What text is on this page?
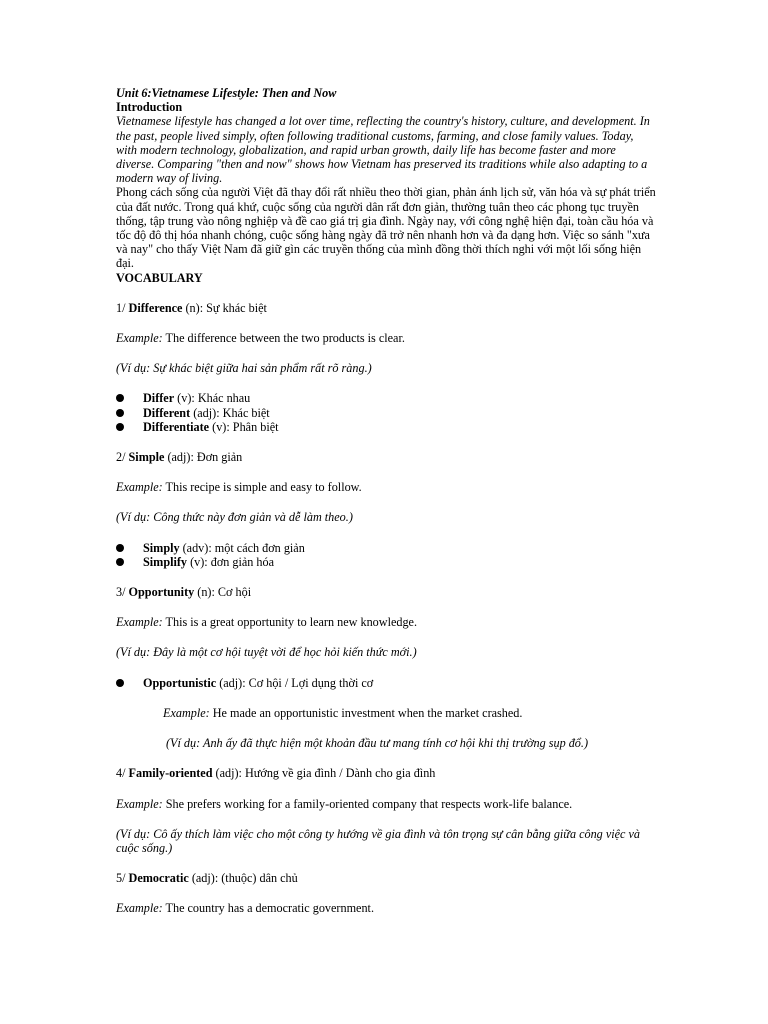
Unit 6:Vietnamese Lifestyle: Then and Now
Introduction
Vietnamese lifestyle has changed a lot over time, reflecting the country's history, culture, and development. In the past, people lived simply, often following traditional customs, farming, and close family values. Today, with modern technology, globalization, and rapid urban growth, daily life has become faster and more diverse. Comparing "then and now" shows how Vietnam has preserved its traditions while also adapting to a modern way of living.
Phong cách sống của người Việt đã thay đổi rất nhiều theo thời gian, phản ánh lịch sử, văn hóa và sự phát triển của đất nước. Trong quá khứ, cuộc sống của người dân rất đơn giản, thường tuân theo các phong tục truyền thống, tập trung vào nông nghiệp và đề cao giá trị gia đình. Ngày nay, với công nghệ hiện đại, toàn cầu hóa và tốc độ đô thị hóa nhanh chóng, cuộc sống hàng ngày đã trở nên nhanh hơn và đa dạng hơn. Việc so sánh "xưa và nay" cho thấy Việt Nam đã giữ gìn các truyền thống của mình đồng thời thích nghi với một lối sống hiện đại.
VOCABULARY
1/ Difference (n): Sự khác biệt
Example: The difference between the two products is clear.
(Ví dụ: Sự khác biệt giữa hai sản phẩm rất rõ ràng.)
Differ (v): Khác nhau
Different (adj): Khác biệt
Differentiate (v): Phân biệt
2/ Simple (adj): Đơn giản
Example: This recipe is simple and easy to follow.
(Ví dụ: Công thức này đơn giản và dễ làm theo.)
Simply (adv): một cách đơn giản
Simplify (v): đơn giản hóa
3/ Opportunity (n): Cơ hội
Example: This is a great opportunity to learn new knowledge.
(Ví dụ: Đây là một cơ hội tuyệt vời để học hỏi kiến thức mới.)
Opportunistic (adj): Cơ hội / Lợi dụng thời cơ
Example: He made an opportunistic investment when the market crashed.
(Ví dụ: Anh ấy đã thực hiện một khoản đầu tư mang tính cơ hội khi thị trường sụp đổ.)
4/ Family-oriented (adj): Hướng về gia đình / Dành cho gia đình
Example: She prefers working for a family-oriented company that respects work-life balance.
(Ví dụ: Cô ấy thích làm việc cho một công ty hướng về gia đình và tôn trọng sự cân bằng giữa công việc và cuộc sống.)
5/ Democratic (adj): (thuộc) dân chủ
Example: The country has a democratic government.
